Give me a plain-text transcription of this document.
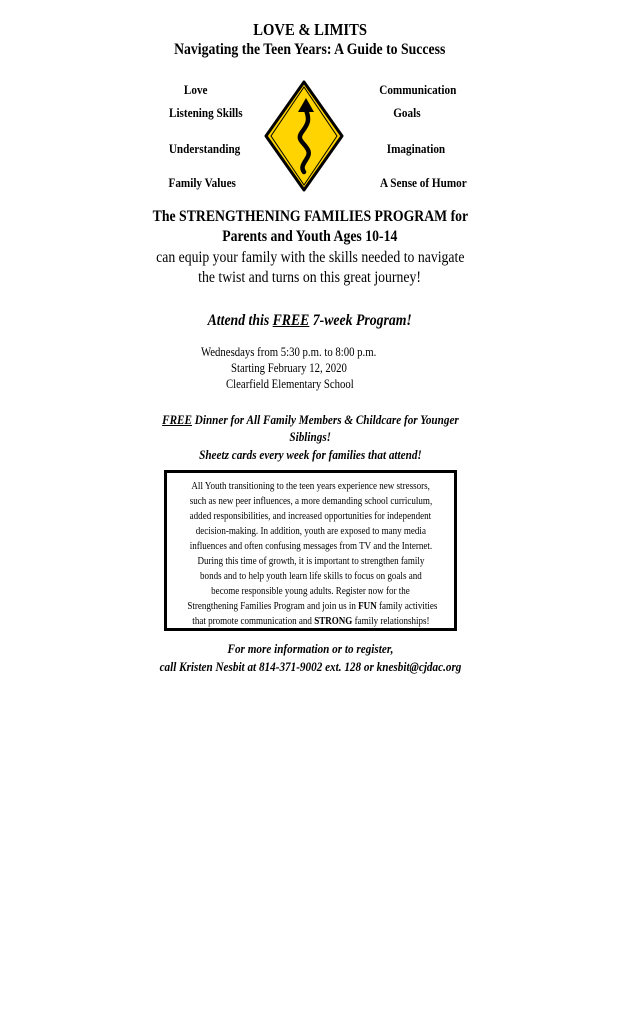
LOVE & LIMITS
Navigating the Teen Years: A Guide to Success
Love
Listening Skills
Understanding
Family Values
Communication
Goals
Imagination
A Sense of Humor
The STRENGTHENING FAMILIES PROGRAM for
Parents and Youth Ages 10-14
can equip your family with the skills needed to navigate
the twist and turns on this great journey!
Attend this FREE 7-week Program!
Wednesdays from 5:30 p.m. to 8:00 p.m.
Starting February 12, 2020
Clearfield Elementary School
FREE Dinner for All Family Members & Childcare for Younger
Siblings!
Sheetz cards every week for families that attend!
All Youth transitioning to the teen years experience new stressors,
such as new peer influences, a more demanding school curriculum,
added responsibilities, and increased opportunities for independent
decision-making. In addition, youth are exposed to many media
influences and often confusing messages from TV and the Internet.
During this time of growth, it is important to strengthen family
bonds and to help youth learn life skills to focus on goals and
become responsible young adults. Register now for the
Strengthening Families Program and join us in FUN family activities
that promote communication and STRONG family relationships!
For more information or to register,
call Kristen Nesbit at 814-371-9002 ext. 128 or knesbit@cjdac.org
